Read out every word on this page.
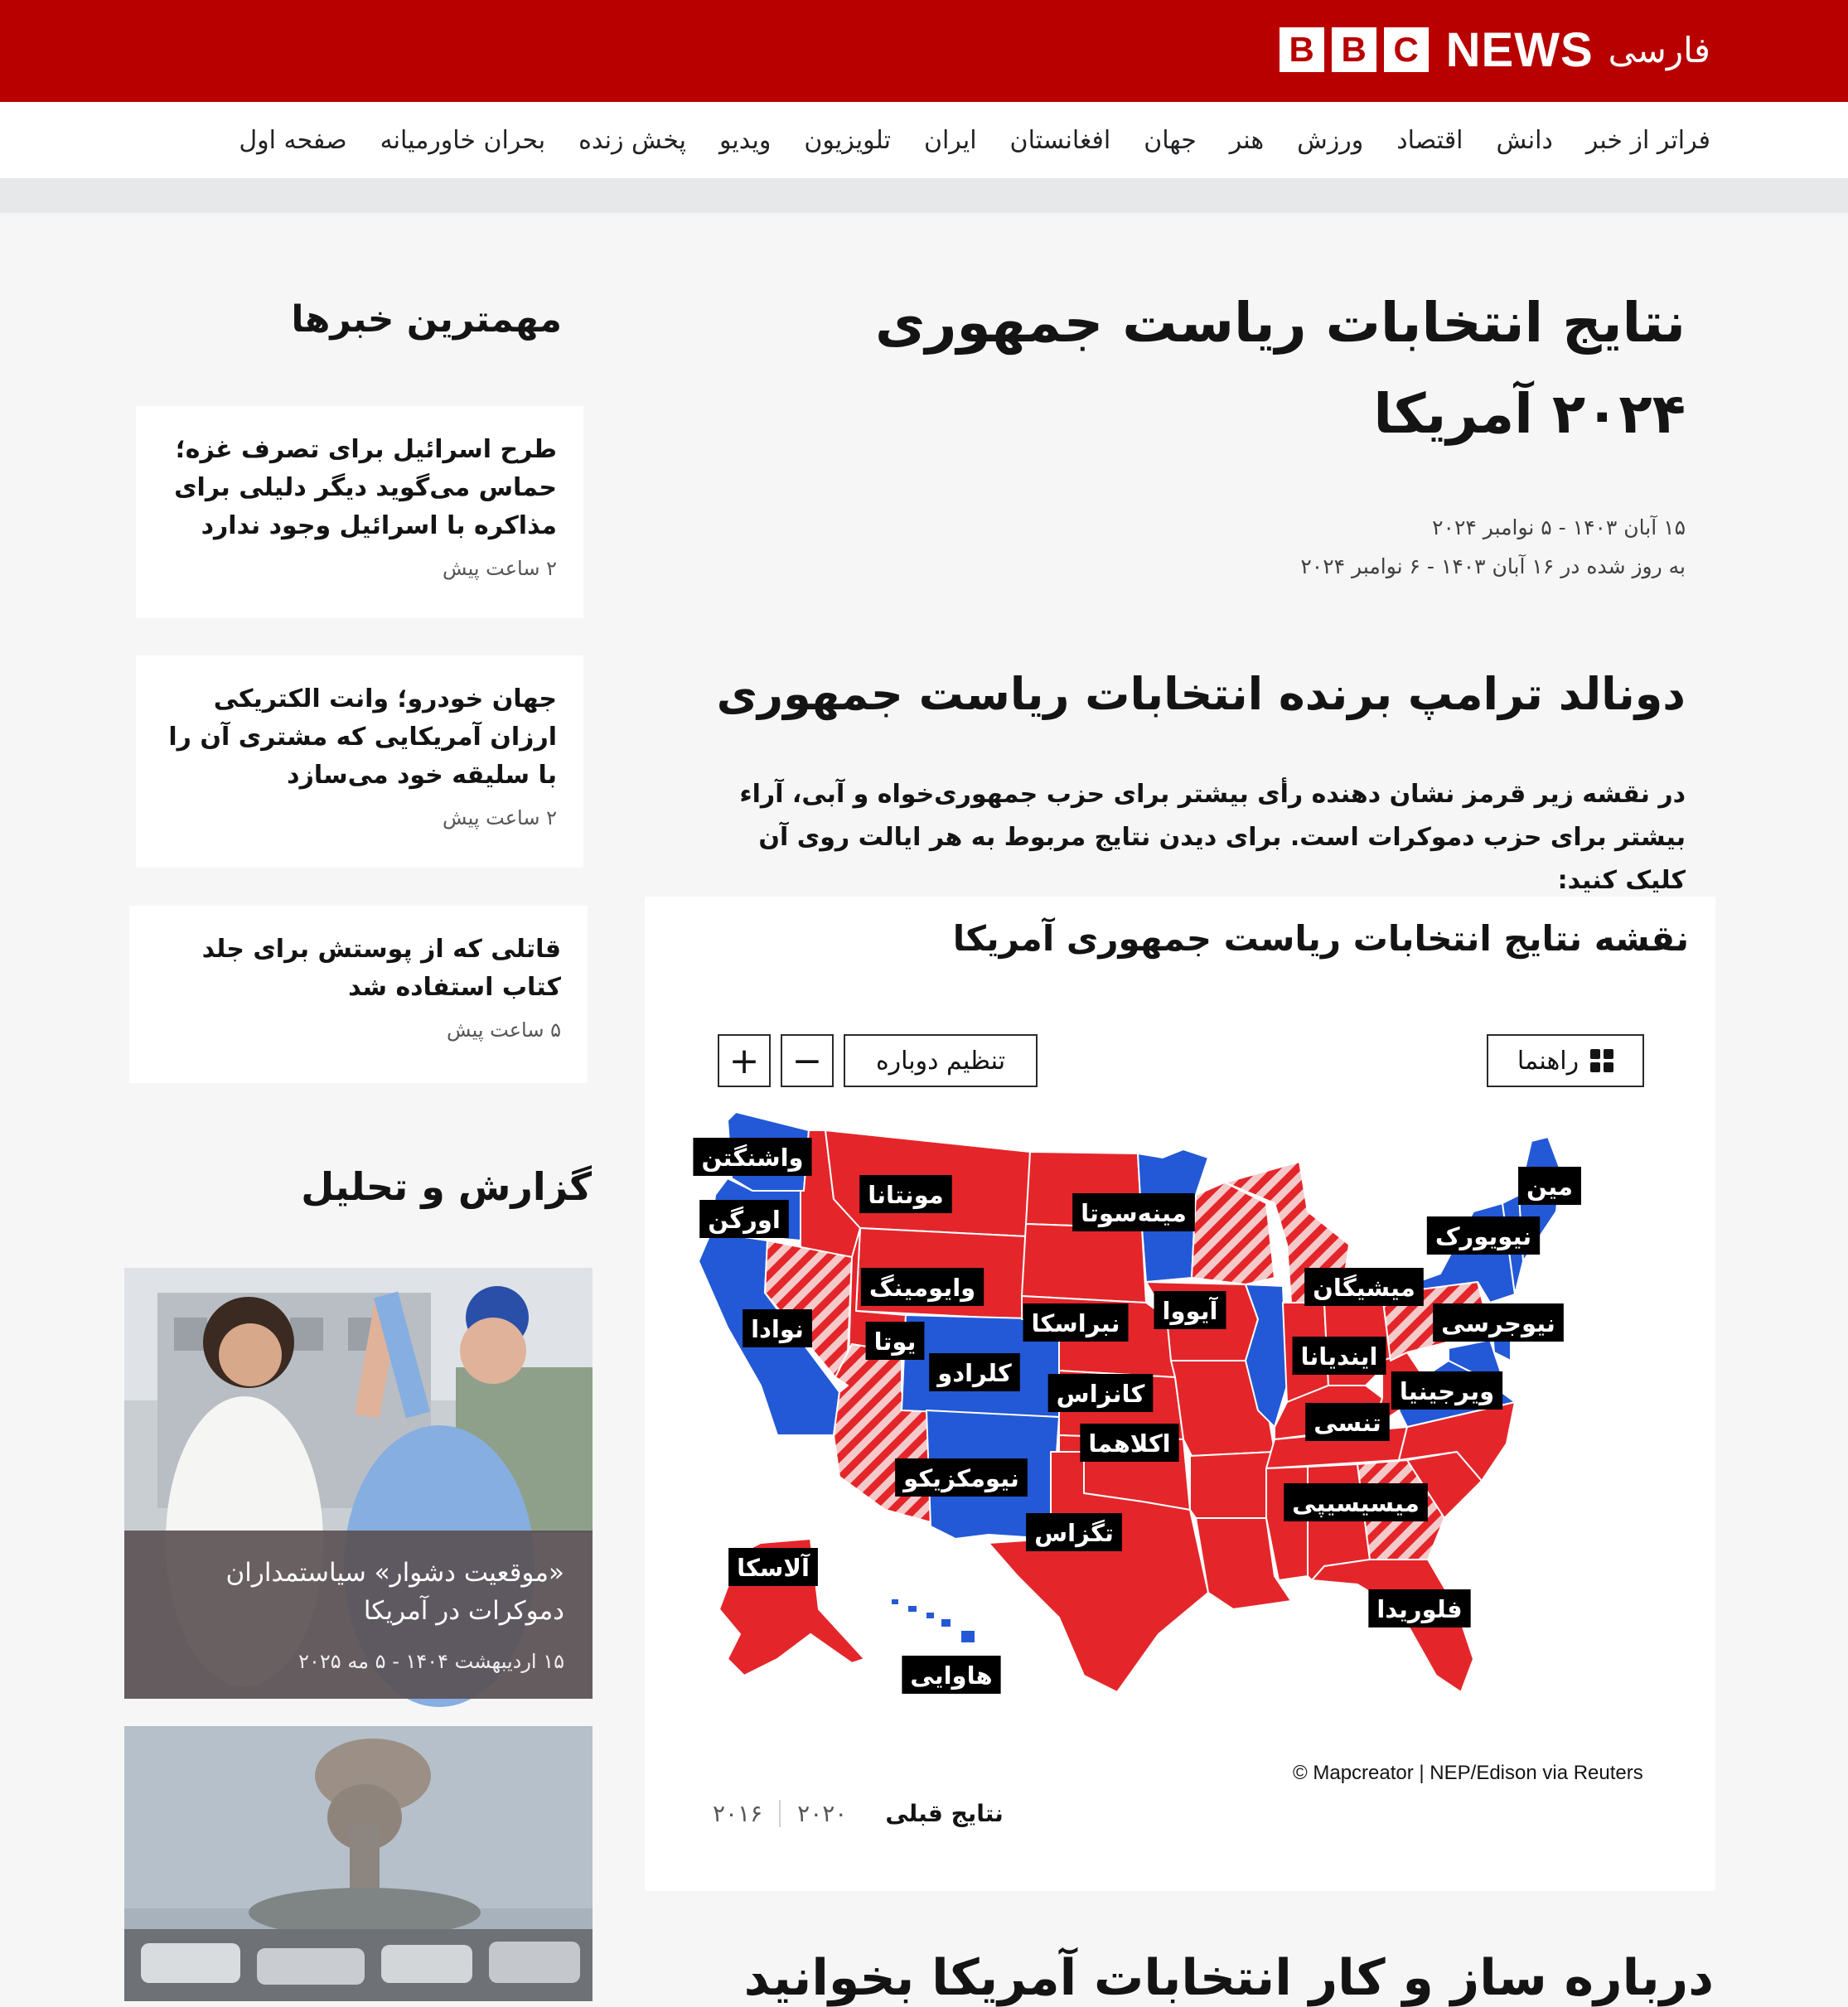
B B C NEWS فارسی
صفحه اول بحران خاورمیانه پخش زنده ویدیو تلویزیون ایران افغانستان جهان هنر ورزش اقتصاد دانش فراتر از خبر
نتایج انتخابات ریاست جمهوری ۲۰۲۴ آمریکا
۱۵ آبان ۱۴۰۳ - ۵ نوامبر ۲۰۲۴
به روز شده در ۱۶ آبان ۱۴۰۳ - ۶ نوامبر ۲۰۲۴
دونالد ترامپ برنده انتخابات ریاست جمهوری

در نقشه زیر قرمز نشان دهنده رأی بیشتر برای حزب جمهوری‌خواه و آبی، آراء بیشتر برای حزب دموکرات است. برای دیدن نتایج مربوط به هر ایالت روی آن کلیک کنید:

نقشه نتایج انتخابات ریاست جمهوری آمریکا
راهنما
تنظیم دوباره
−
+
واشنگتن
اورگن
مونتانا
مینه‌سوتا
مین
نیویورک
میشیگان
وایومینگ
نوادا	یوتا
نبراسکا آیووا	نیوجرسی
ایندیانا
کلرادو
کانزاس	ویرجینیا
تنسی
اکلاهما
نیومکزیکو
میسیسیپی
تگزاس
آلاسکا
فلوریدا
هاوایی
© Mapcreator | NEP/Edison via Reuters
نتایج قبلی
۲۰۲۰
۲۰۱۶
درباره ساز و کار انتخابات آمریکا بخوانید
مهمترین خبرها
طرح اسرائیل برای تصرف غزه؛ حماس می‌گوید دیگر دلیلی برای مذاکره با اسرائیل وجود ندارد
۲ ساعت پیش
جهان خودرو؛ وانت الکتریکی ارزان آمریکایی که مشتری آن را با سلیقه خود می‌سازد
۲ ساعت پیش
قاتلی که از پوستش برای جلد کتاب استفاده شد
۵ ساعت پیش
گزارش و تحلیل
«موقعیت دشوار» سیاستمداران دموکرات در آمریکا
۱۵ اردیبهشت ۱۴۰۴ - ۵ مه ۲۰۲۵
